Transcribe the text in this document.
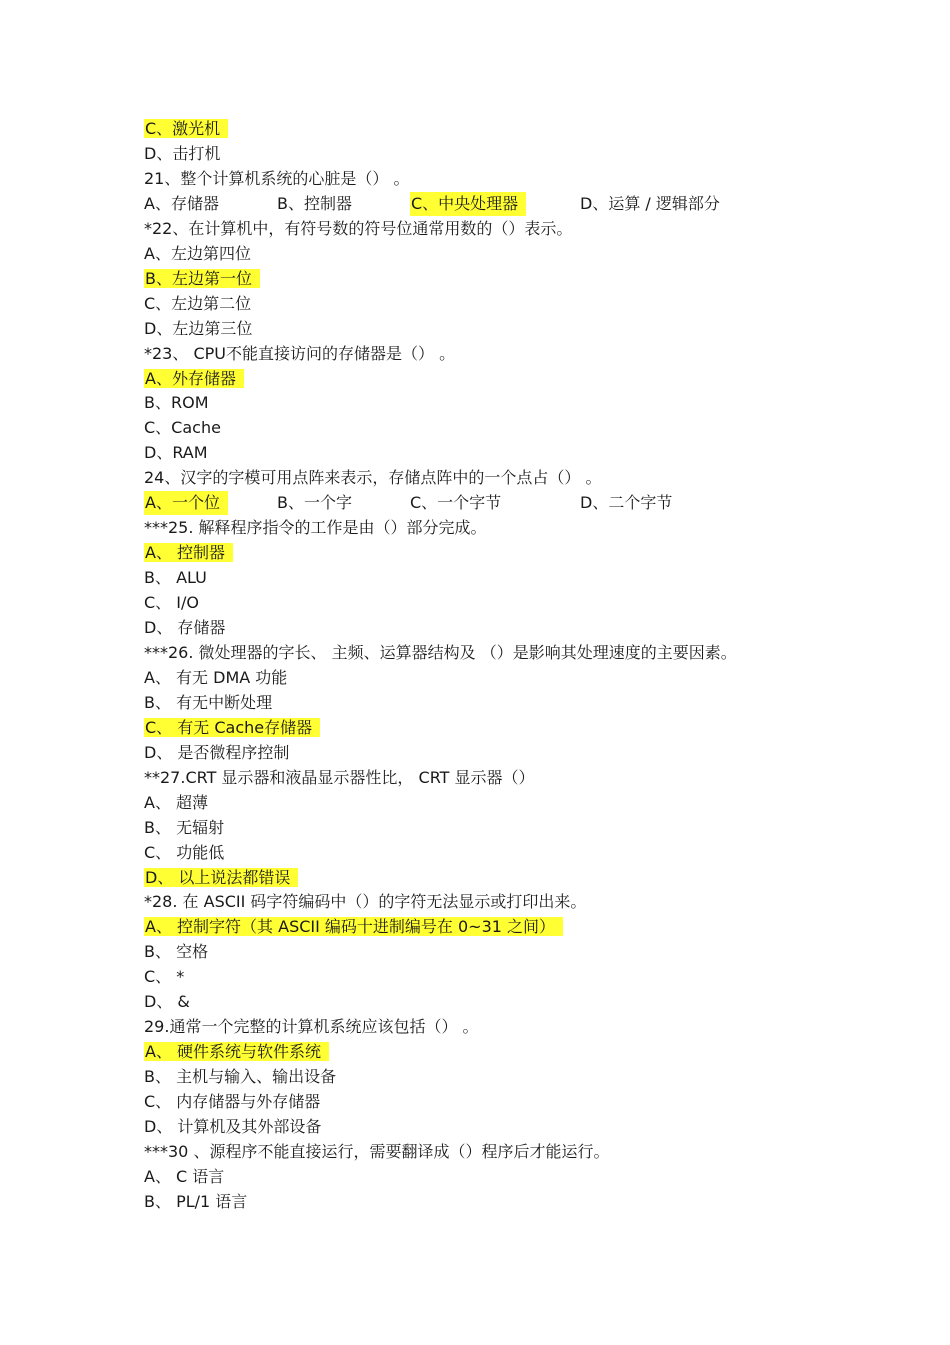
C、激光机
D、击打机
21、整个计算机系统的心脏是（） 。
A、存储器	B、控制器	C、中央处理器	D、运算 / 逻辑部分
*22、在计算机中，有符号数的符号位通常用数的（）表示。
A、左边第四位
B、左边第一位
C、左边第二位
D、左边第三位
*23、 CPU不能直接访问的存储器是（） 。
A、外存储器
B、ROM
C、Cache
D、RAM
24、汉字的字模可用点阵来表示，存储点阵中的一个点占（） 。
A、一个位	B、一个字	C、一个字节	D、二个字节
***25. 解释程序指令的工作是由（）部分完成。
A、 控制器
B、 ALU
C、 I/O
D、 存储器
***26. 微处理器的字长、 主频、运算器结构及 （）是影响其处理速度的主要因素。
A、 有无 DMA 功能
B、 有无中断处理
C、 有无 Cache存储器
D、 是否微程序控制
**27.CRT 显示器和液晶显示器性比， CRT 显示器（）
A、 超薄
B、 无辐射
C、 功能低
D、 以上说法都错误
*28. 在 ASCII 码字符编码中（）的字符无法显示或打印出来。
A、 控制字符（其 ASCII 编码十进制编号在 0~31 之间）
B、 空格
C、 *
D、 &
29.通常一个完整的计算机系统应该包括（） 。
A、 硬件系统与软件系统
B、 主机与输入、输出设备
C、 内存储器与外存储器
D、 计算机及其外部设备
***30 、源程序不能直接运行，需要翻译成（）程序后才能运行。
A、 C 语言
B、 PL/1 语言
